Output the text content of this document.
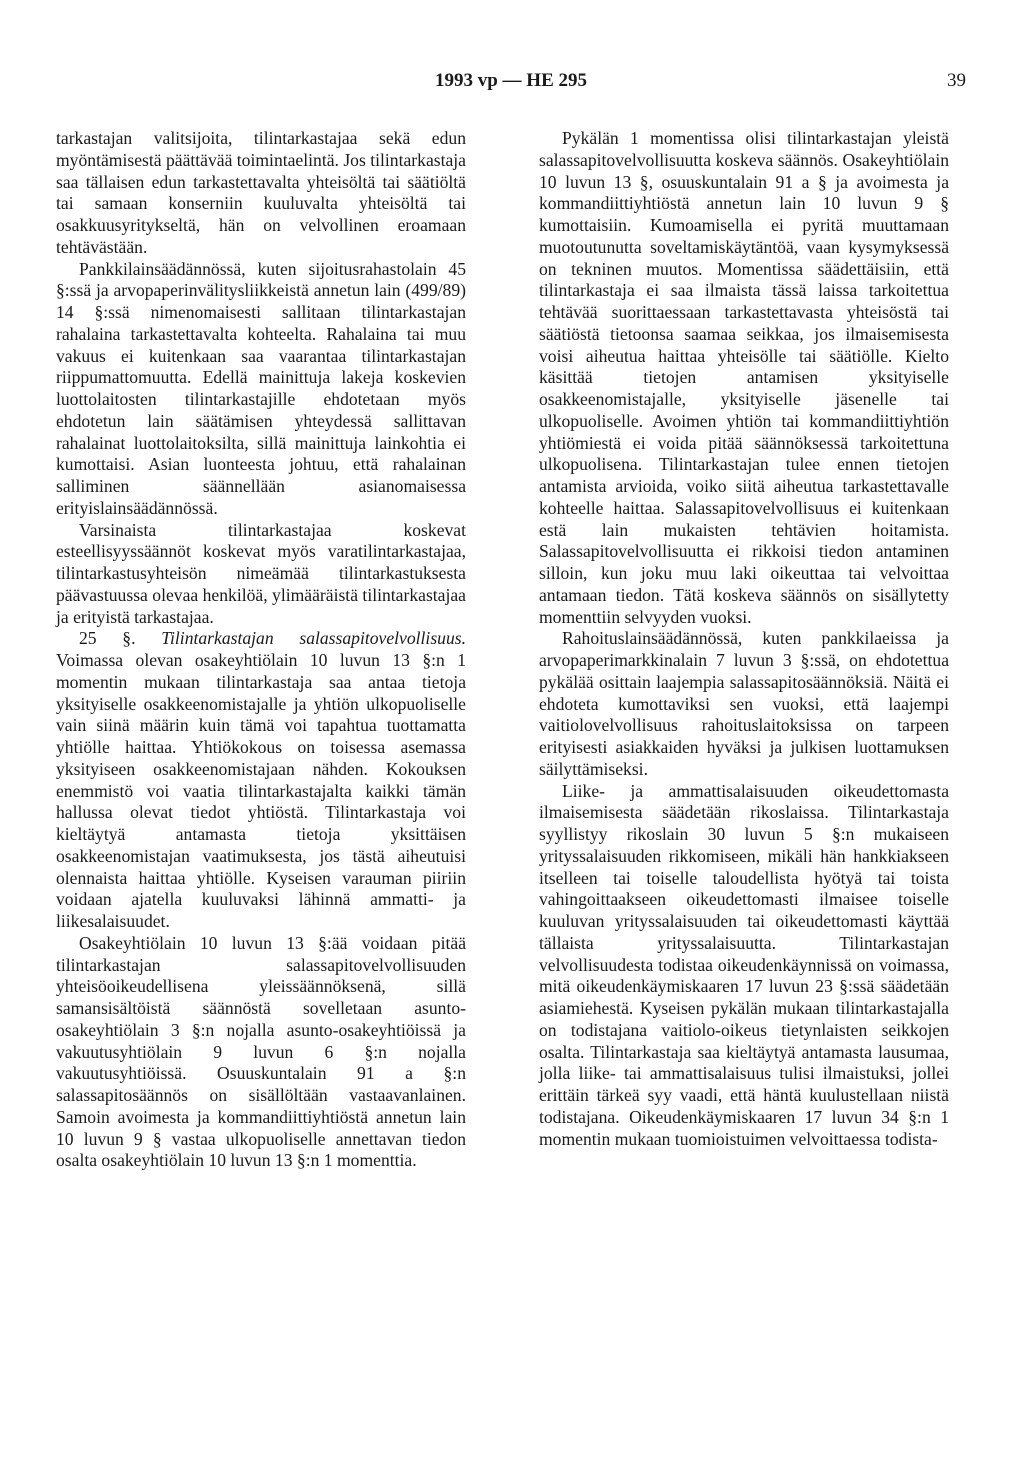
1993 vp — HE 295	39

tarkastajan valitsijoita, tilintarkastajaa sekä edun myöntämisestä päättävää toimintaelintä. Jos tilintarkastaja saa tällaisen edun tarkastettavalta yhteisöltä tai säätiöltä tai samaan konserniin kuuluvalta yhteisöltä tai osakkuusyritykseltä, hän on velvollinen eroamaan tehtävästään.

Pankkilainsäädännössä, kuten sijoitusrahastolain 45 §:ssä ja arvopaperinvälitysliikkeistä annetun lain (499/89) 14 §:ssä nimenomaisesti sallitaan tilintarkastajan rahalaina tarkastettavalta kohteelta. Rahalaina tai muu vakuus ei kuitenkaan saa vaarantaa tilintarkastajan riippumattomuutta. Edellä mainittuja lakeja koskevien luottolaitosten tilintarkastajille ehdotetaan myös ehdotetun lain säätämisen yhteydessä sallittavan rahalainat luottolaitoksilta, sillä mainittuja lainkohtia ei kumottaisi. Asian luonteesta johtuu, että rahalainan salliminen säännellään asianomaisessa erityislainsäädännössä.

Varsinaista tilintarkastajaa koskevat esteellisyyssäännöt koskevat myös varatilintarkastajaa, tilintarkastusyhteisön nimeämää tilintarkastuksesta päävastuussa olevaa henkilöä, ylimääräistä tilintarkastajaa ja erityistä tarkastajaa.

25 §. Tilintarkastajan salassapitovelvollisuus. Voimassa olevan osakeyhtiölain 10 luvun 13 §:n 1 momentin mukaan tilintarkastaja saa antaa tietoja yksityiselle osakkeenomistajalle ja yhtiön ulkopuoliselle vain siinä määrin kuin tämä voi tapahtua tuottamatta yhtiölle haittaa. Yhtiökokous on toisessa asemassa yksityiseen osakkeenomistajaan nähden. Kokouksen enemmistö voi vaatia tilintarkastajalta kaikki tämän hallussa olevat tiedot yhtiöstä. Tilintarkastaja voi kieltäytyä antamasta tietoja yksittäisen osakkeenomistajan vaatimuksesta, jos tästä aiheutuisi olennaista haittaa yhtiölle. Kyseisen varauman piiriin voidaan ajatella kuuluvaksi lähinnä ammatti- ja liikesalaisuudet.

Osakeyhtiölain 10 luvun 13 §:ää voidaan pitää tilintarkastajan salassapitovelvollisuuden yhteisöoikeudellisena yleissäännöksenä, sillä samansisältöistä säännöstä sovelletaan asunto-osakeyhtiölain 3 §:n nojalla asunto-osakeyhtiöissä ja vakuutusyhtiölain 9 luvun 6 §:n nojalla vakuutusyhtiöissä. Osuuskuntalain 91 a §:n salassapitosäännös on sisällöltään vastaavanlainen. Samoin avoimesta ja kommandiittiyhtiöstä annetun lain 10 luvun 9 § vastaa ulkopuoliselle annettavan tiedon osalta osakeyhtiölain 10 luvun 13 §:n 1 momenttia.

Pykälän 1 momentissa olisi tilintarkastajan yleistä salassapitovelvollisuutta koskeva säännös. Osakeyhtiölain 10 luvun 13 §, osuuskuntalain 91 a § ja avoimesta ja kommandiittiyhtiöstä annetun lain 10 luvun 9 § kumottaisiin. Kumoamisella ei pyritä muuttamaan muotoutunutta soveltamiskäytäntöä, vaan kysymyksessä on tekninen muutos. Momentissa säädettäisiin, että tilintarkastaja ei saa ilmaista tässä laissa tarkoitettua tehtävää suorittaessaan tarkastettavasta yhteisöstä tai säätiöstä tietoonsa saamaa seikkaa, jos ilmaisemisesta voisi aiheutua haittaa yhteisölle tai säätiölle. Kielto käsittää tietojen antamisen yksityiselle osakkeenomistajalle, yksityiselle jäsenelle tai ulkopuoliselle. Avoimen yhtiön tai kommandiittiyhtiön yhtiömiestä ei voida pitää säännöksessä tarkoitettuna ulkopuolisena. Tilintarkastajan tulee ennen tietojen antamista arvioida, voiko siitä aiheutua tarkastettavalle kohteelle haittaa. Salassapitovelvollisuus ei kuitenkaan estä lain mukaisten tehtävien hoitamista. Salassapitovelvollisuutta ei rikkoisi tiedon antaminen silloin, kun joku muu laki oikeuttaa tai velvoittaa antamaan tiedon. Tätä koskeva säännös on sisällytetty momenttiin selvyyden vuoksi.

Rahoituslainsäädännössä, kuten pankkilaeissa ja arvopaperimarkkinalain 7 luvun 3 §:ssä, on ehdotettua pykälää osittain laajempia salassapitosäännöksiä. Näitä ei ehdoteta kumottaviksi sen vuoksi, että laajempi vaitiolovelvollisuus rahoituslaitoksissa on tarpeen erityisesti asiakkaiden hyväksi ja julkisen luottamuksen säilyttämiseksi.

Liike- ja ammattisalaisuuden oikeudettomasta ilmaisemisesta säädetään rikoslaissa. Tilintarkastaja syyllistyy rikoslain 30 luvun 5 §:n mukaiseen yrityssalaisuuden rikkomiseen, mikäli hän hankkiakseen itselleen tai toiselle taloudellista hyötyä tai toista vahingoittaakseen oikeudettomasti ilmaisee toiselle kuuluvan yrityssalaisuuden tai oikeudettomasti käyttää tällaista yrityssalaisuutta. Tilintarkastajan velvollisuudesta todistaa oikeudenkäynnissä on voimassa, mitä oikeudenkäymiskaaren 17 luvun 23 §:ssä säädetään asiamiehestä. Kyseisen pykälän mukaan tilintarkastajalla on todistajana vaitiolo-oikeus tietynlaisten seikkojen osalta. Tilintarkastaja saa kieltäytyä antamasta lausumaa, jolla liike- tai ammattisalaisuus tulisi ilmaistuksi, jollei erittäin tärkeä syy vaadi, että häntä kuulustellaan niistä todistajana. Oikeudenkäymiskaaren 17 luvun 34 §:n 1 momentin mukaan tuomioistuimen velvoittaessa todista-
